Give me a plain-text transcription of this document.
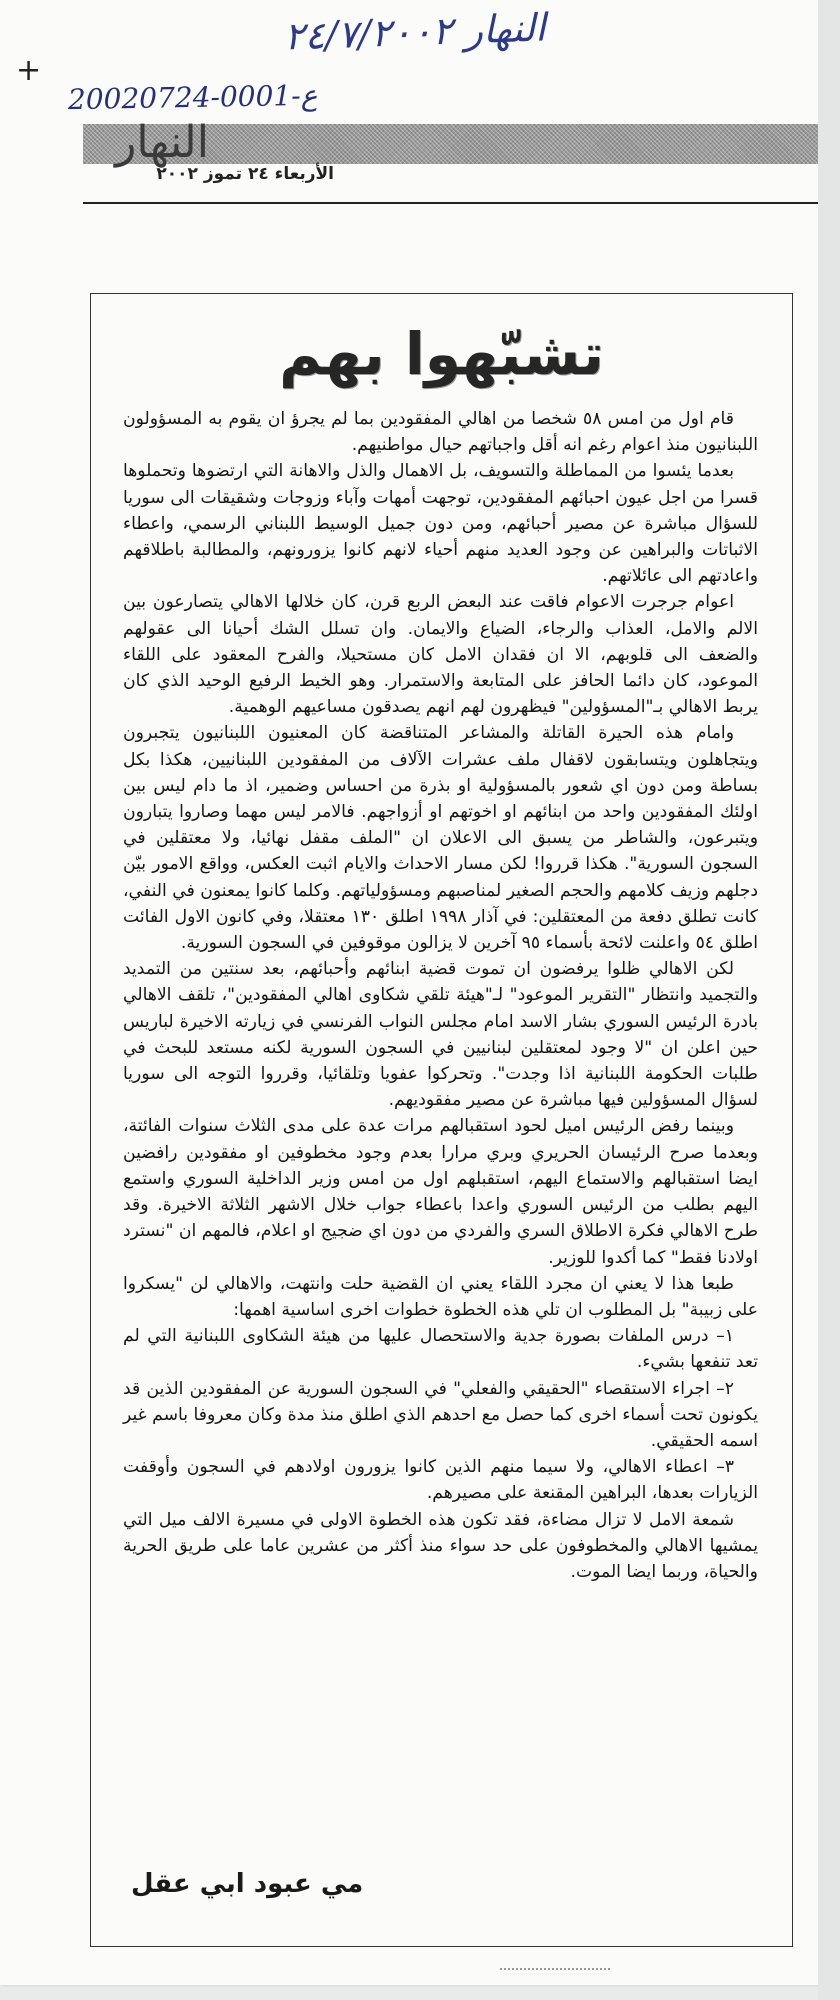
النهار ٢٤/٧/٢٠٠٢
+
20020724-0001-ع
النهار
الأربعاء ٢٤ تموز ٢٠٠٢
تشبّهوا بهم

قام اول من امس ٥٨ شخصا من اهالي المفقودين بما لم يجرؤ ان يقوم به المسؤولون اللبنانيون منذ اعوام رغم انه أقل واجباتهم حيال مواطنيهم.

بعدما يئسوا من المماطلة والتسويف، بل الاهمال والذل والاهانة التي ارتضوها وتحملوها قسرا من اجل عيون احبائهم المفقودين، توجهت أمهات وآباء وزوجات وشقيقات الى سوريا للسؤال مباشرة عن مصير أحبائهم، ومن دون جميل الوسيط اللبناني الرسمي، واعطاء الاثباتات والبراهين عن وجود العديد منهم أحياء لانهم كانوا يزورونهم، والمطالبة باطلاقهم واعادتهم الى عائلاتهم.

اعوام جرجرت الاعوام فاقت عند البعض الربع قرن، كان خلالها الاهالي يتصارعون بين الالم والامل، العذاب والرجاء، الضياع والايمان. وان تسلل الشك أحيانا الى عقولهم والضعف الى قلوبهم، الا ان فقدان الامل كان مستحيلا، والفرح المعقود على اللقاء الموعود، كان دائما الحافز على المتابعة والاستمرار. وهو الخيط الرفيع الوحيد الذي كان يربط الاهالي بـ"المسؤولين" فيظهرون لهم انهم يصدقون مساعيهم الوهمية.

وامام هذه الحيرة القاتلة والمشاعر المتناقضة كان المعنيون اللبنانيون يتجبرون ويتجاهلون ويتسابقون لاقفال ملف عشرات الآلاف من المفقودين اللبنانيين، هكذا بكل بساطة ومن دون اي شعور بالمسؤولية او بذرة من احساس وضمير، اذ ما دام ليس بين اولئك المفقودين واحد من ابنائهم او اخوتهم او أزواجهم. فالامر ليس مهما وصاروا يتبارون ويتبرعون، والشاطر من يسبق الى الاعلان ان "الملف مقفل نهائيا، ولا معتقلين في السجون السورية". هكذا قرروا! لكن مسار الاحداث والايام اثبت العكس، وواقع الامور بيّن دجلهم وزيف كلامهم والحجم الصغير لمناصبهم ومسؤولياتهم. وكلما كانوا يمعنون في النفي، كانت تطلق دفعة من المعتقلين: في آذار ١٩٩٨ اطلق ١٣٠ معتقلا، وفي كانون الاول الفائت اطلق ٥٤ واعلنت لائحة بأسماء ٩٥ آخرين لا يزالون موقوفين في السجون السورية.

لكن الاهالي ظلوا يرفضون ان تموت قضية ابنائهم وأحبائهم، بعد سنتين من التمديد والتجميد وانتظار "التقرير الموعود" لـ"هيئة تلقي شكاوى اهالي المفقودين"، تلقف الاهالي بادرة الرئيس السوري بشار الاسد امام مجلس النواب الفرنسي في زيارته الاخيرة لباريس حين اعلن ان "لا وجود لمعتقلين لبنانيين في السجون السورية لكنه مستعد للبحث في طلبات الحكومة اللبنانية اذا وجدت". وتحركوا عفويا وتلقائيا، وقرروا التوجه الى سوريا لسؤال المسؤولين فيها مباشرة عن مصير مفقوديهم.

وبينما رفض الرئيس اميل لحود استقبالهم مرات عدة على مدى الثلاث سنوات الفائتة، وبعدما صرح الرئيسان الحريري وبري مرارا بعدم وجود مخطوفين او مفقودين رافضين ايضا استقبالهم والاستماع اليهم، استقبلهم اول من امس وزير الداخلية السوري واستمع اليهم بطلب من الرئيس السوري واعدا باعطاء جواب خلال الاشهر الثلاثة الاخيرة. وقد طرح الاهالي فكرة الاطلاق السري والفردي من دون اي ضجيج او اعلام، فالمهم ان "نسترد اولادنا فقط" كما أكدوا للوزير.

طبعا هذا لا يعني ان مجرد اللقاء يعني ان القضية حلت وانتهت، والاهالي لن "يسكروا على زبيبة" بل المطلوب ان تلي هذه الخطوة خطوات اخرى اساسية اهمها:

١– درس الملفات بصورة جدية والاستحصال عليها من هيئة الشكاوى اللبنانية التي لم تعد تنفعها بشيء.

٢– اجراء الاستقصاء "الحقيقي والفعلي" في السجون السورية عن المفقودين الذين قد يكونون تحت أسماء اخرى كما حصل مع احدهم الذي اطلق منذ مدة وكان معروفا باسم غير اسمه الحقيقي.

٣– اعطاء الاهالي، ولا سيما منهم الذين كانوا يزورون اولادهم في السجون وأوقفت الزيارات بعدها، البراهين المقنعة على مصيرهم.

شمعة الامل لا تزال مضاءة، فقد تكون هذه الخطوة الاولى في مسيرة الالف ميل التي يمشيها الاهالي والمخطوفون على حد سواء منذ أكثر من عشرين عاما على طريق الحرية والحياة، وربما ايضا الموت.

مي عبود ابي عقل
